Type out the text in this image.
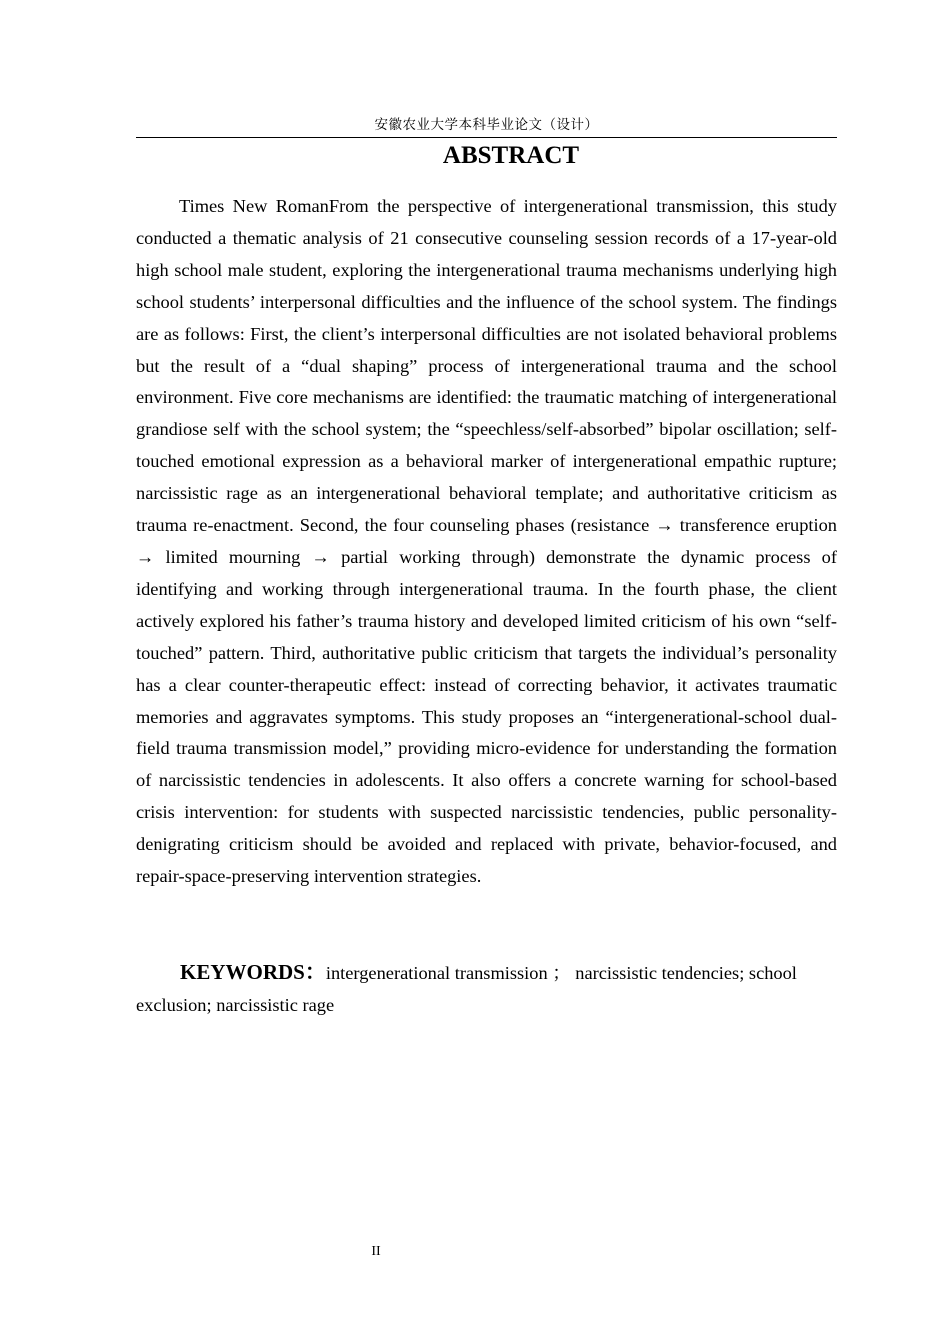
安徽农业大学本科毕业论文（设计）
ABSTRACT

Times New RomanFrom the perspective of intergenerational transmission, this study conducted a thematic analysis of 21 consecutive counseling session records of a 17-year-old high school male student, exploring the intergenerational trauma mechanisms underlying high school students’ interpersonal difficulties and the influence of the school system. The findings are as follows: First, the client’s interpersonal difficulties are not isolated behavioral problems but the result of a “dual shaping” process of intergenerational trauma and the school environment. Five core mechanisms are identified: the traumatic matching of intergenerational grandiose self with the school system; the “speechless/self-absorbed” bipolar oscillation; self-touched emotional expression as a behavioral marker of intergenerational empathic rupture; narcissistic rage as an intergenerational behavioral template; and authoritative criticism as trauma re-enactment. Second, the four counseling phases (resistance → transference eruption → limited mourning → partial working through) demonstrate the dynamic process of identifying and working through intergenerational trauma. In the fourth phase, the client actively explored his father’s trauma history and developed limited criticism of his own “self-touched” pattern. Third, authoritative public criticism that targets the individual’s personality has a clear counter-therapeutic effect: instead of correcting behavior, it activates traumatic memories and aggravates symptoms. This study proposes an “intergenerational-school dual-field trauma transmission model,” providing micro-evidence for understanding the formation of narcissistic tendencies in adolescents. It also offers a concrete warning for school-based crisis intervention: for students with suspected narcissistic tendencies, public personality-denigrating criticism should be avoided and replaced with private, behavior-focused, and repair-space-preserving intervention strategies.

KEYWORDS：intergenerational transmission ； narcissistic tendencies; school exclusion; narcissistic rage

II
